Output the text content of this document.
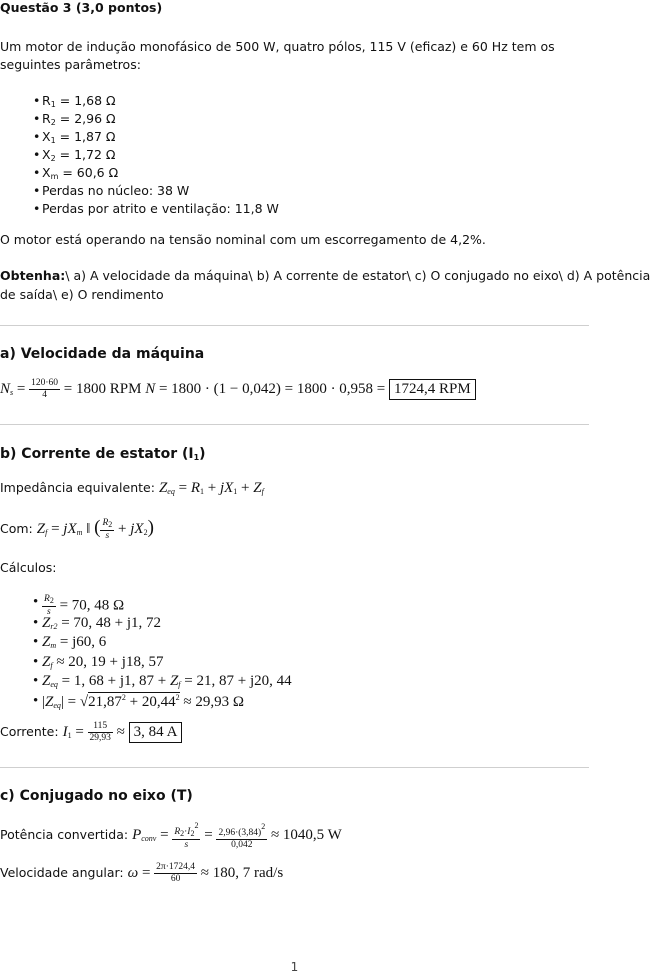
Questão 3 (3,0 pontos)
Um motor de indução monofásico de 500 W, quatro pólos, 115 V (eficaz) e 60 Hz tem os seguintes parâmetros:
• $R_1 = 1,68$ Ω
• $R_2 = 2,96$ Ω
• $X_1 = 1,87$ Ω
• $X_2 = 1,72$ Ω
• $X_m = 60,6$ Ω
• Perdas no núcleo: 38 W
• Perdas por atrito e ventilação: 11,8 W
O motor está operando na tensão nominal com um escorregamento de 4,2%.
Obtenha:\ a) A velocidade da máquina\ b) A corrente de estator\ c) O conjugado no eixo\ d) A potência
de saída\ e) O rendimento
a) Velocidade da máquina
$N_s = \frac{120\cdot 60}{4} = 1800$ RPM N = 1800 · (1 − 0,042) = 1800 · 0,958 = 1724,4 RPM
b) Corrente de estator $(I_1)$
Impedância equivalente: $Z_{eq} = R_1 + jX_1 + Z_f$
Com: $Z_f = jX_m$ ‖ ( $\frac{R_2}{s} + jX_2$)
Cálculos:
• $\frac{R_2}{s} = 70$, 48 Ω
• $Z_{r2} = 70$, 48 + j1, 72
• $Z_m = j60$, 6
• $Z_f \approx 20$, 19 + j18, 57
• $Z_{eq} = 1$, 68 + j1, $87 + Z_f = 21$, 87 + j20, 44
• $|Z_{eq}| = √21,87^2 + 20,44^2 \approx 29,93$ Ω
Corrente: $I_1 = \frac{115}{29,93} \approx 3$, 84 A
c) Conjugado no eixo (T)
Potência convertida: $P_{conv} = \frac{R_2\cdot I_2^2}{s} = \frac{2,96\cdot(3,84)^2}{0,042} \approx 1040,5$ W
Velocidade angular: $\omega = \frac{2\pi\cdot 1724,4}{60} \approx 180$, 7 rad/s
1
